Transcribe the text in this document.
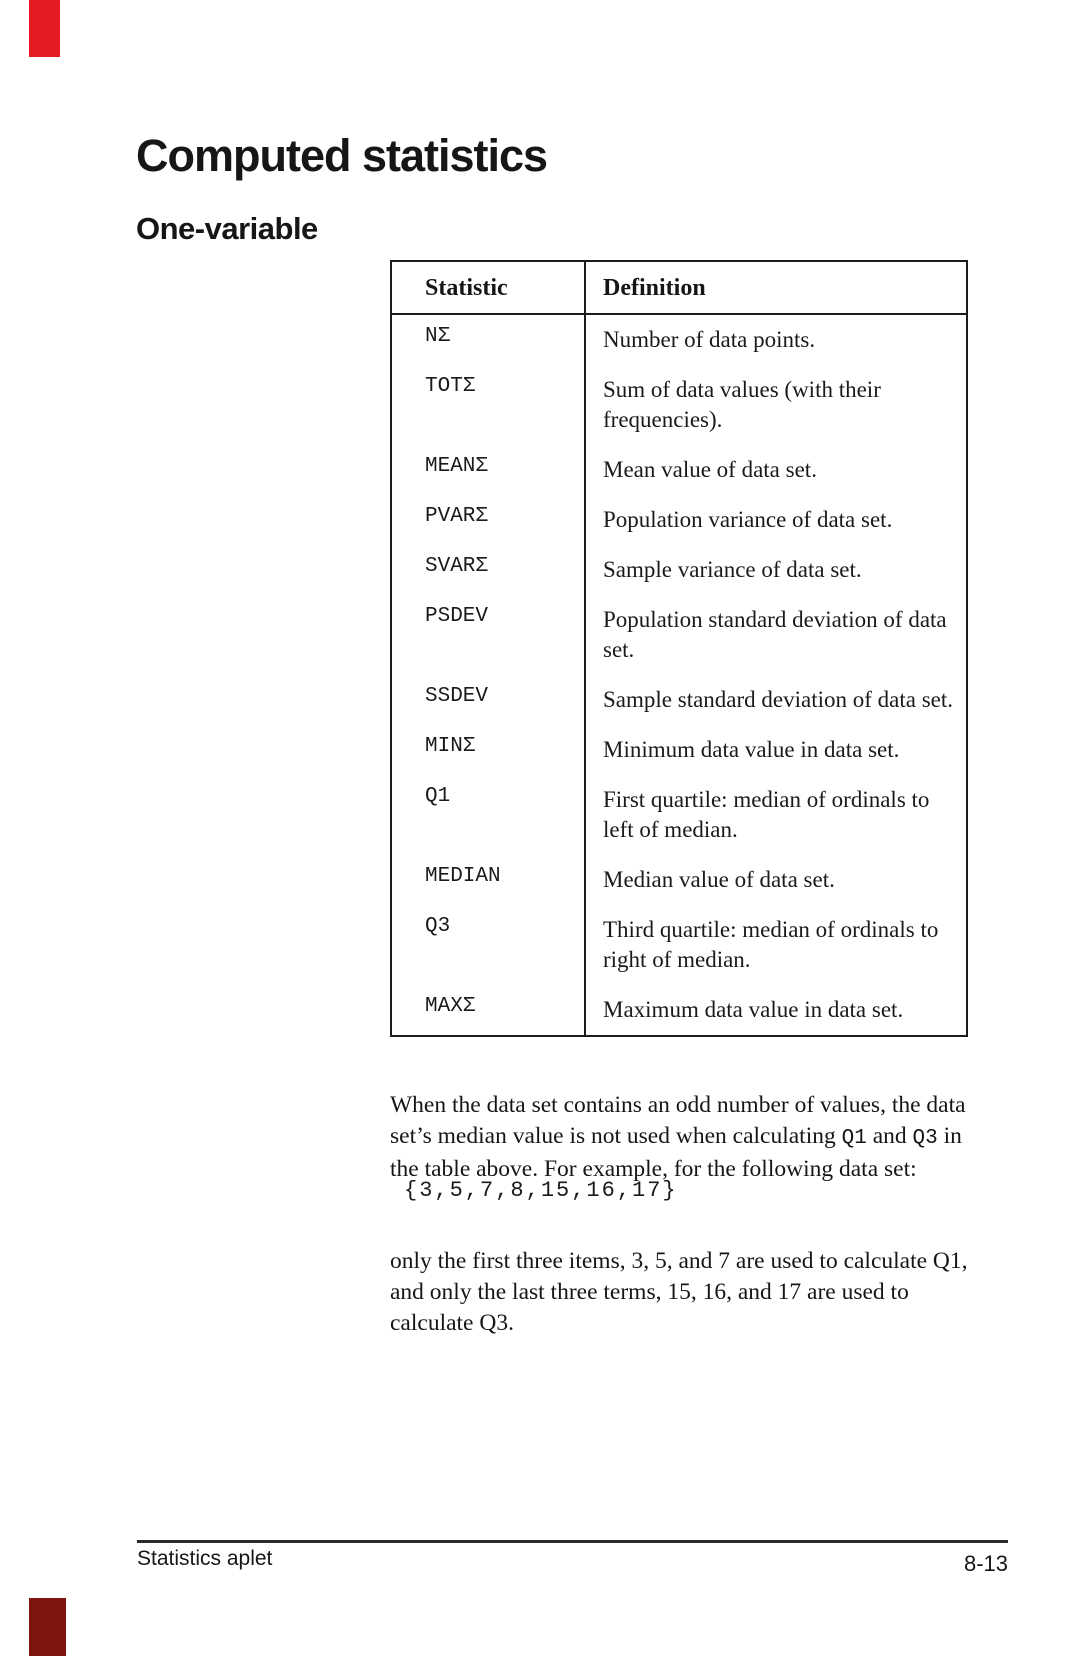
Computed statistics
One-variable
Statistic	Definition
NΣ	Number of data points.
TOTΣ	Sum of data values (with their frequencies).
MEANΣ	Mean value of data set.
PVARΣ	Population variance of data set.
SVARΣ	Sample variance of data set.
PSDEV	Population standard deviation of data set.
SSDEV	Sample standard deviation of data set.
MINΣ	Minimum data value in data set.
Q1	First quartile: median of ordinals to left of median.
MEDIAN	Median value of data set.
Q3	Third quartile: median of ordinals to right of median.
MAXΣ	Maximum data value in data set.

When the data set contains an odd number of values, the data set’s median value is not used when calculating Q1 and Q3 in the table above. For example, for the following data set:

{3,5,7,8,15,16,17}

only the first three items, 3, 5, and 7 are used to calculate Q1, and only the last three terms, 15, 16, and 17 are used to calculate Q3.

Statistics aplet	8-13
